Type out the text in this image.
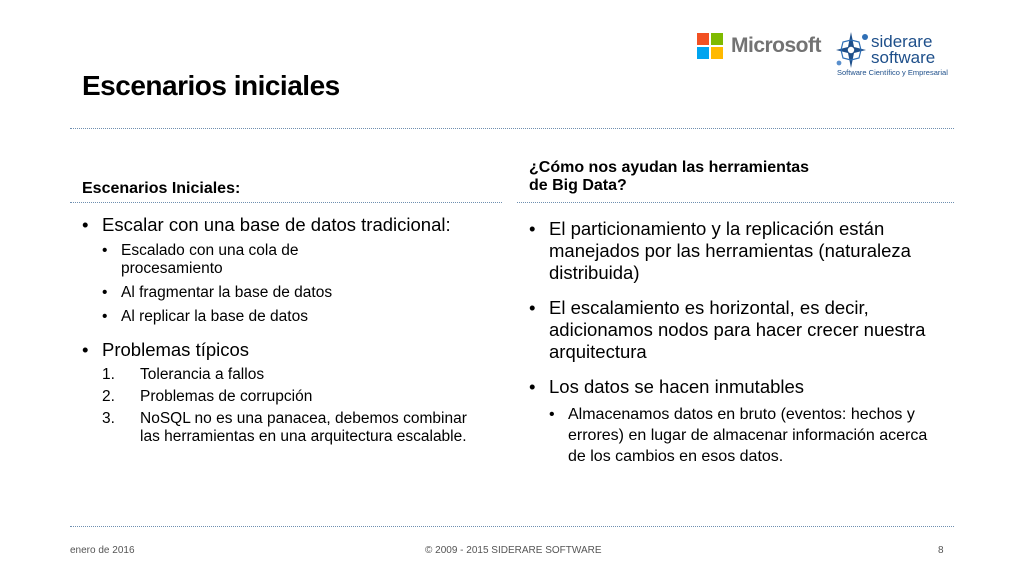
Microsoft	siderare
software
Software Científico y Empresarial
Escenarios iniciales
Escenarios Iniciales:
• Escalar con una base de datos tradicional:
• Escalado con una cola de procesamiento
• Al fragmentar la base de datos
• Al replicar la base de datos
• Problemas típicos
1. Tolerancia a fallos
2. Problemas de corrupción
3. NoSQL no es una panacea, debemos combinar las herramientas en una arquitectura escalable.
¿Cómo nos ayudan las herramientas
de Big Data?
• El particionamiento y la replicación están manejados por las herramientas (naturaleza distribuida)
• El escalamiento es horizontal, es decir, adicionamos nodos para hacer crecer nuestra arquitectura
• Los datos se hacen inmutables
• Almacenamos datos en bruto (eventos: hechos y errores) en lugar de almacenar información acerca de los cambios en esos datos.
enero de 2016	© 2009 - 2015 SIDERARE SOFTWARE	8
